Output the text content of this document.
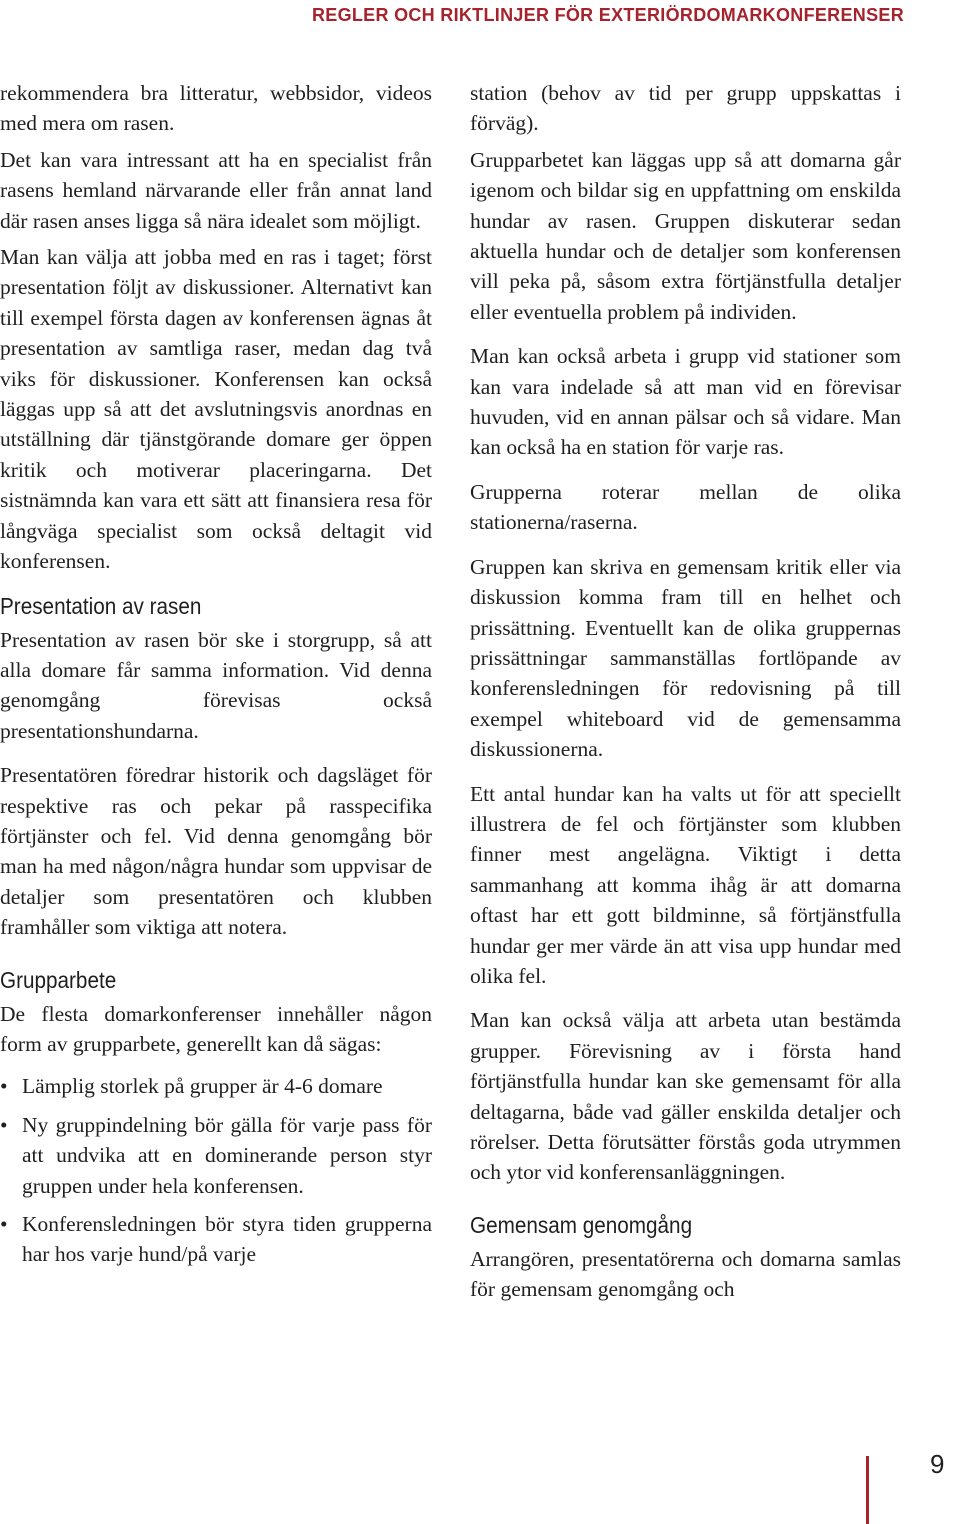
REGLER OCH RIKTLINJER FÖR EXTERIÖRDOMARKONFERENSER

rekommendera bra litteratur, webbsidor, videos med mera om rasen.

Det kan vara intressant att ha en specialist från rasens hemland närvarande eller från annat land där rasen anses ligga så nära idealet som möjligt.

Man kan välja att jobba med en ras i taget; först presentation följt av diskussioner. Alternativt kan till exempel första dagen av konferensen ägnas åt presentation av samtliga raser, medan dag två viks för diskussioner. Konferensen kan också läggas upp så att det avslutningsvis anordnas en utställning där tjänstgörande domare ger öppen kritik och motiverar placeringarna. Det sistnämnda kan vara ett sätt att finansiera resa för långväga specialist som också deltagit vid konferensen.

Presentation av rasen

Presentation av rasen bör ske i storgrupp, så att alla domare får samma information. Vid denna genomgång förevisas också presentationshundarna.

Presentatören föredrar historik och dagsläget för respektive ras och pekar på rasspecifika förtjänster och fel. Vid denna genomgång bör man ha med någon/några hundar som uppvisar de detaljer som presentatören och klubben framhåller som viktiga att notera.

Grupparbete

De flesta domarkonferenser innehåller någon form av grupparbete, generellt kan då sägas:

• Lämplig storlek på grupper är 4-6 domare
• Ny gruppindelning bör gälla för varje pass för att undvika att en dominerande person styr gruppen under hela konferensen.
• Konferensledningen bör styra tiden grupperna har hos varje hund/på varje

station (behov av tid per grupp uppskattas i förväg).

Grupparbetet kan läggas upp så att domarna går igenom och bildar sig en uppfattning om enskilda hundar av rasen. Gruppen diskuterar sedan aktuella hundar och de detaljer som konferensen vill peka på, såsom extra förtjänstfulla detaljer eller eventuella problem på individen.

Man kan också arbeta i grupp vid stationer som kan vara indelade så att man vid en förevisar huvuden, vid en annan pälsar och så vidare. Man kan också ha en station för varje ras.

Grupperna roterar mellan de olika stationerna/raserna.

Gruppen kan skriva en gemensam kritik eller via diskussion komma fram till en helhet och prissättning. Eventuellt kan de olika gruppernas prissättningar sammanställas fortlöpande av konferensledningen för redovisning på till exempel whiteboard vid de gemensamma diskussionerna.

Ett antal hundar kan ha valts ut för att speciellt illustrera de fel och förtjänster som klubben finner mest angelägna. Viktigt i detta sammanhang att komma ihåg är att domarna oftast har ett gott bildminne, så förtjänstfulla hundar ger mer värde än att visa upp hundar med olika fel.

Man kan också välja att arbeta utan bestämda grupper. Förevisning av i första hand förtjänstfulla hundar kan ske gemensamt för alla deltagarna, både vad gäller enskilda detaljer och rörelser. Detta förutsätter förstås goda utrymmen och ytor vid konferensanläggningen.

Gemensam genomgång

Arrangören, presentatörerna och domarna samlas för gemensam genomgång och

9
